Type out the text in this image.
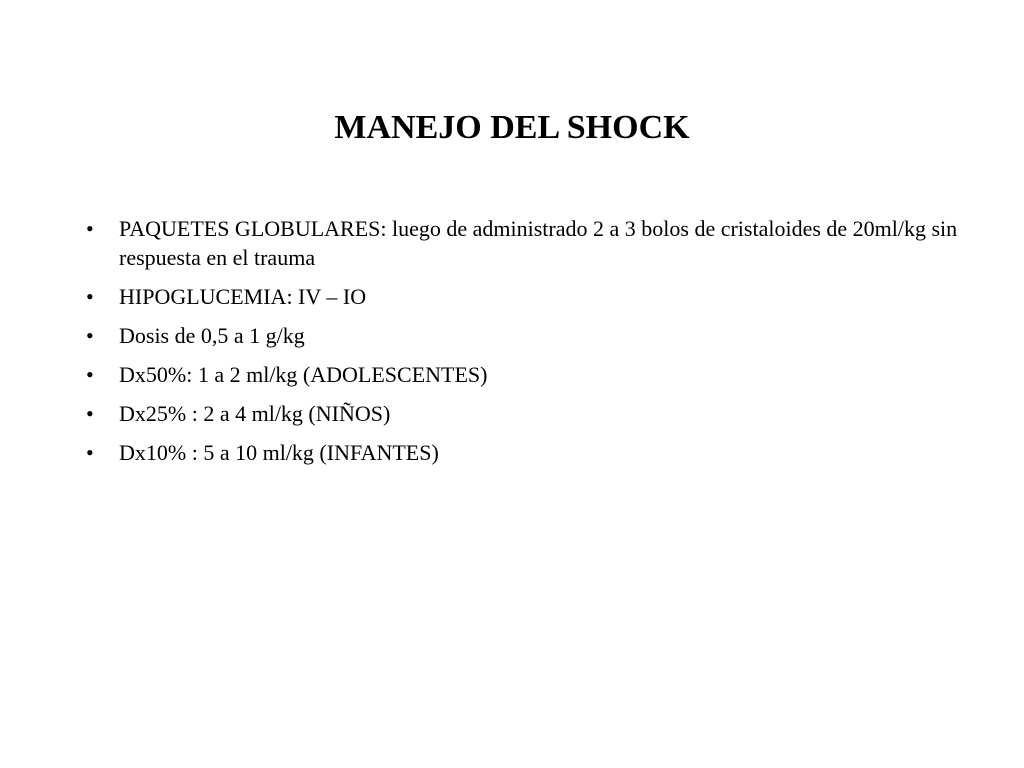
MANEJO DEL SHOCK
•	PAQUETES GLOBULARES: luego de administrado 2 a 3 bolos de cristaloides de 20ml/kg sin respuesta en el trauma
•	HIPOGLUCEMIA: IV – IO
•	Dosis de 0,5 a 1 g/kg
•	Dx50%: 1 a 2 ml/kg (ADOLESCENTES)
•	Dx25% : 2 a 4 ml/kg (NIÑOS)
•	Dx10% : 5 a 10 ml/kg (INFANTES)
